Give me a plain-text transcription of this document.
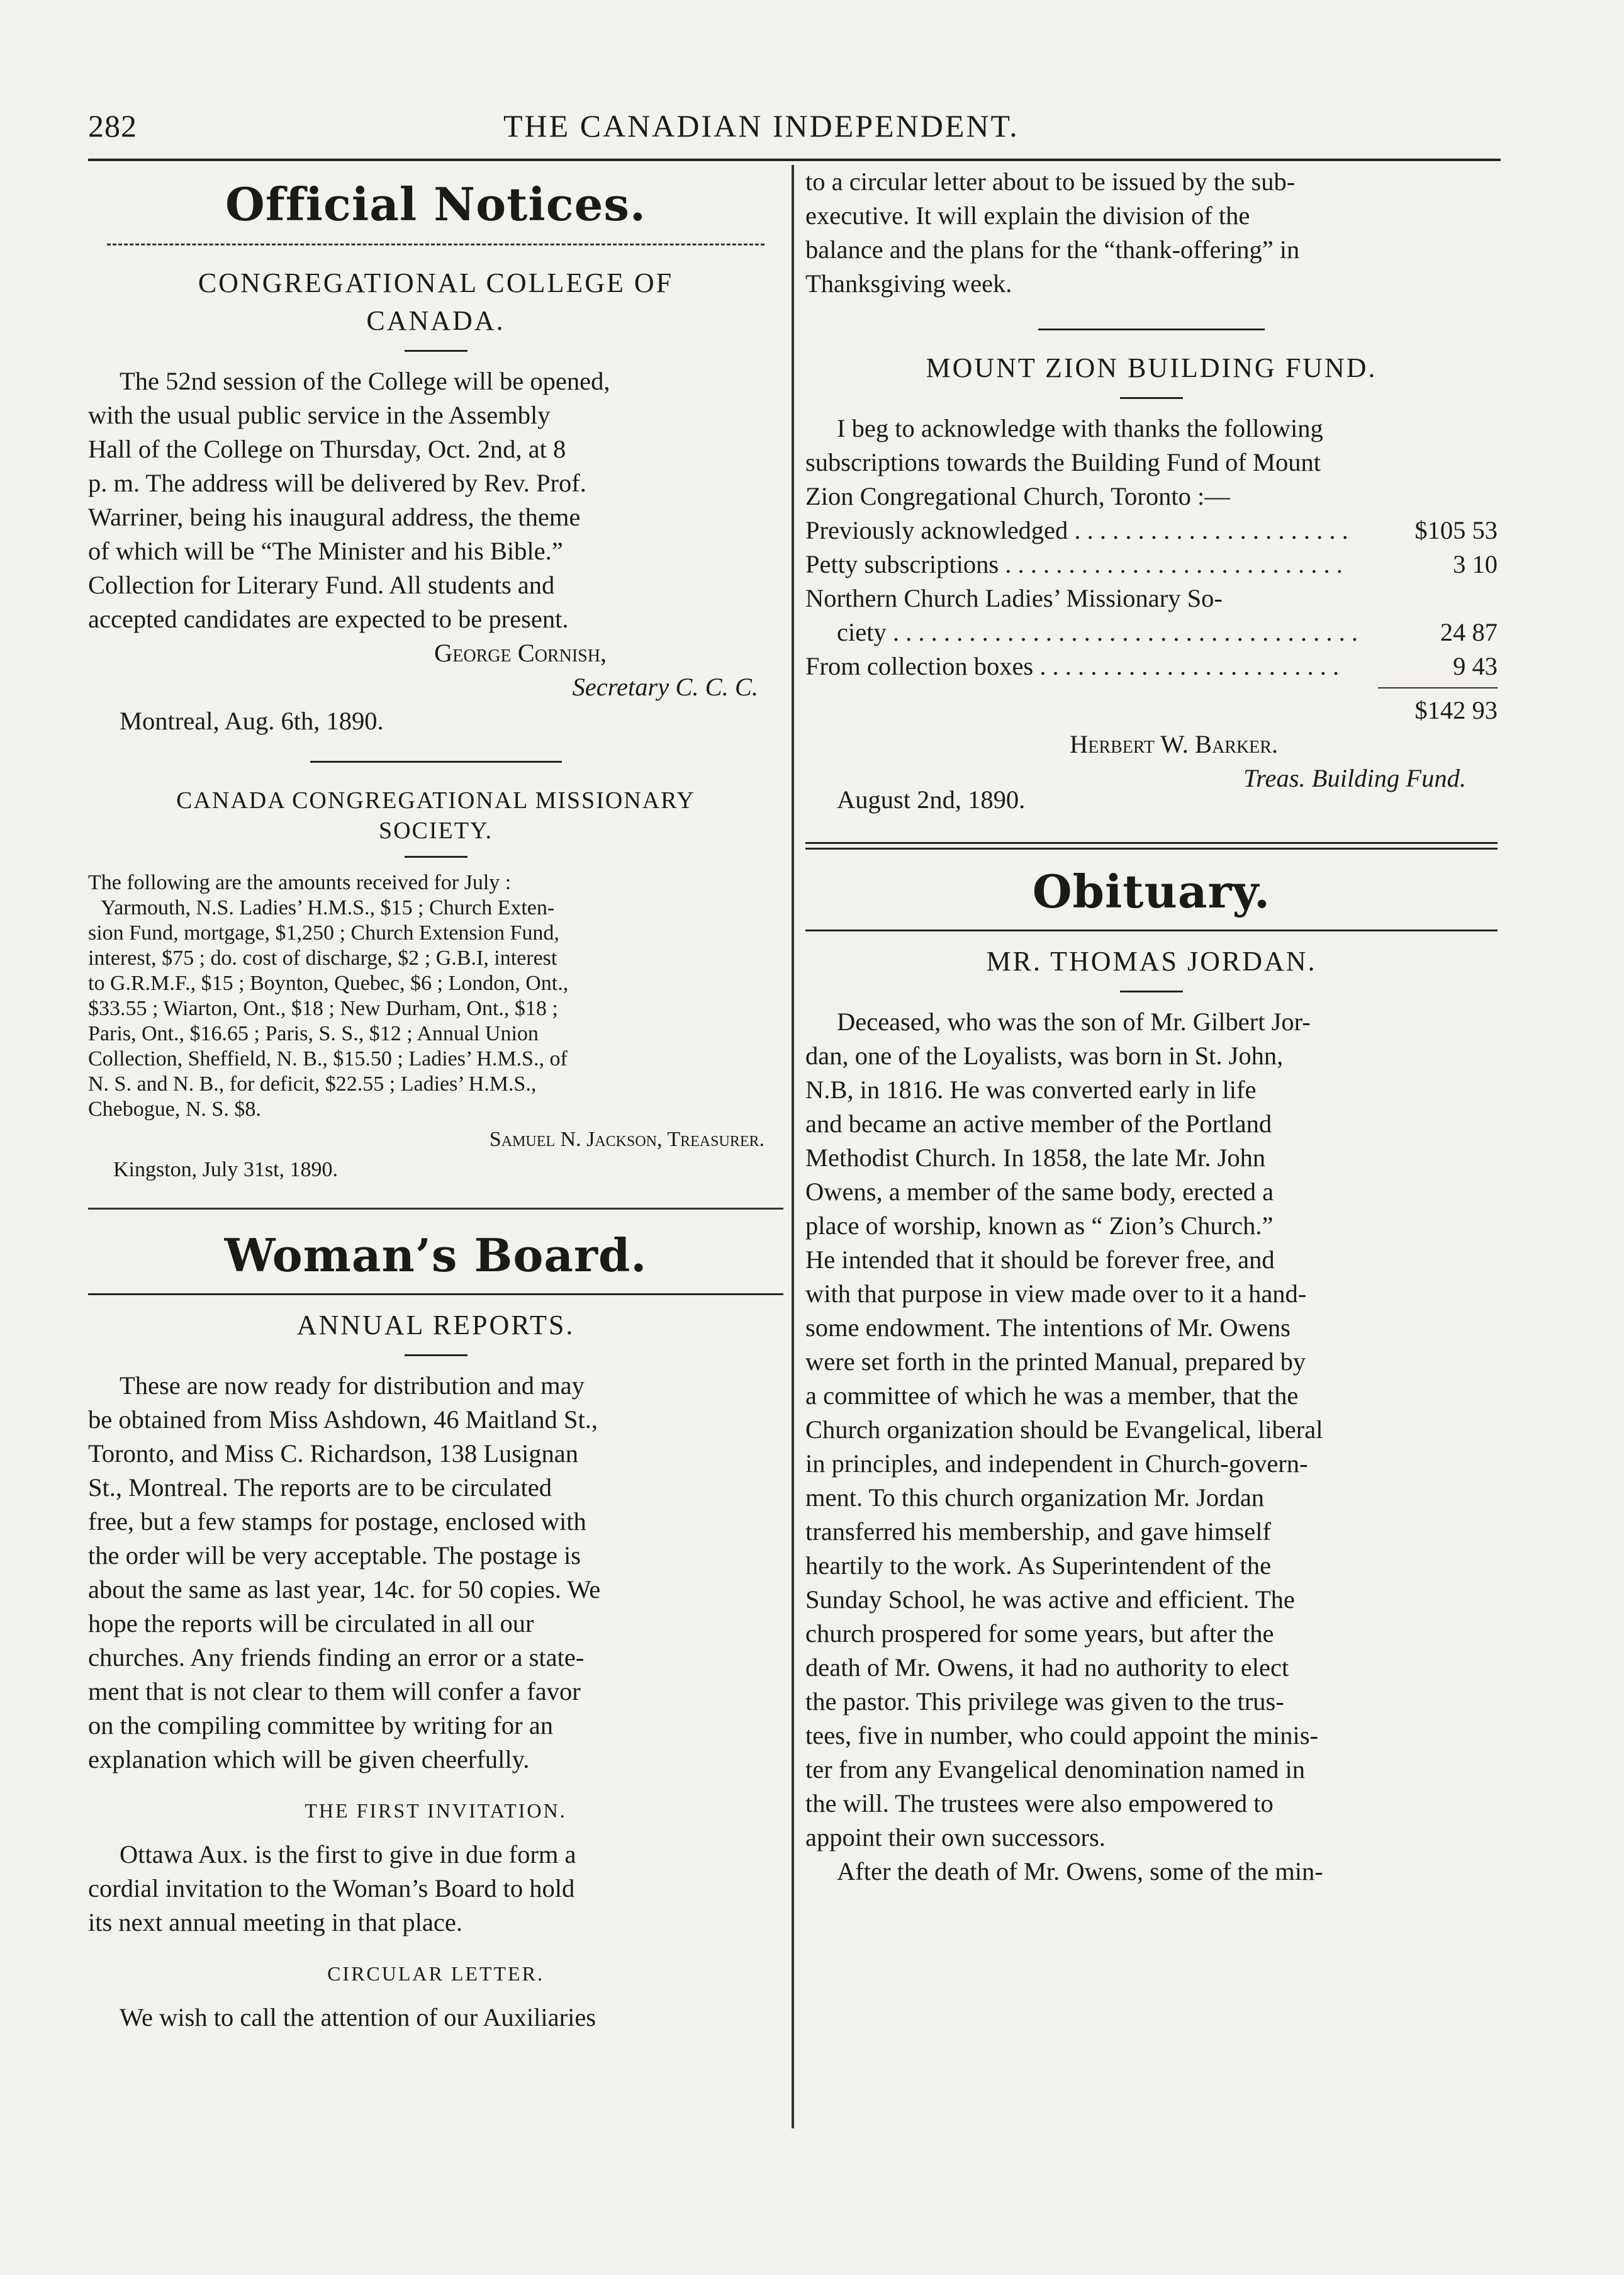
282	THE CANADIAN INDEPENDENT.
Official Notices.
CONGREGATIONAL COLLEGE OF
CANADA.

The 52nd session of the College will be opened,

with the usual public service in the Assembly

Hall of the College on Thursday, Oct. 2nd, at 8

p. m. The address will be delivered by Rev. Prof.

Warriner, being his inaugural address, the theme

of which will be “The Minister and his Bible.”

Collection for Literary Fund. All students and

accepted candidates are expected to be present.

George Cornish,

Secretary C. C. C.

Montreal, Aug. 6th, 1890.

CANADA CONGREGATIONAL MISSIONARY
SOCIETY.

The following are the amounts received for July :

Yarmouth, N.S. Ladies’ H.M.S., $15 ; Church Exten-

sion Fund, mortgage, $1,250 ; Church Extension Fund,

interest, $75 ; do. cost of discharge, $2 ; G.B.I, interest

to G.R.M.F., $15 ; Boynton, Quebec, $6 ; London, Ont.,

$33.55 ; Wiarton, Ont., $18 ; New Durham, Ont., $18 ;

Paris, Ont., $16.65 ; Paris, S. S., $12 ; Annual Union

Collection, Sheffield, N. B., $15.50 ; Ladies’ H.M.S., of

N. S. and N. B., for deficit, $22.55 ; Ladies’ H.M.S.,

Chebogue, N. S. $8.

Samuel N. Jackson, Treasurer.

Kingston, July 31st, 1890.

Woman’s Board.
ANNUAL REPORTS.

These are now ready for distribution and may

be obtained from Miss Ashdown, 46 Maitland St.,

Toronto, and Miss C. Richardson, 138 Lusignan

St., Montreal. The reports are to be circulated

free, but a few stamps for postage, enclosed with

the order will be very acceptable. The postage is

about the same as last year, 14c. for 50 copies. We

hope the reports will be circulated in all our

churches. Any friends finding an error or a state-

ment that is not clear to them will confer a favor

on the compiling committee by writing for an

explanation which will be given cheerfully.

THE FIRST INVITATION.

Ottawa Aux. is the first to give in due form a

cordial invitation to the Woman’s Board to hold

its next annual meeting in that place.

CIRCULAR LETTER.

We wish to call the attention of our Auxiliaries

to a circular letter about to be issued by the sub-

executive. It will explain the division of the

balance and the plans for the “thank-offering” in

Thanksgiving week.

MOUNT ZION BUILDING FUND.

I beg to acknowledge with thanks the following

subscriptions towards the Building Fund of Mount

Zion Congregational Church, Toronto :—

Previously acknowledged . . . . . . . . . . . . . . . . . . . . . .	$105 53
Petty subscriptions . . . . . . . . . . . . . . . . . . . . . . . . . . .	3 10
Northern Church Ladies’ Missionary So-
ciety . . . . . . . . . . . . . . . . . . . . . . . . . . . . . . . . . . . . .	24 87
From collection boxes . . . . . . . . . . . . . . . . . . . . . . . .	9 43
$142 93

Herbert W. Barker.

Treas. Building Fund.

August 2nd, 1890.

Obituary.
MR. THOMAS JORDAN.

Deceased, who was the son of Mr. Gilbert Jor-

dan, one of the Loyalists, was born in St. John,

N.B, in 1816. He was converted early in life

and became an active member of the Portland

Methodist Church. In 1858, the late Mr. John

Owens, a member of the same body, erected a

place of worship, known as “ Zion’s Church.”

He intended that it should be forever free, and

with that purpose in view made over to it a hand-

some endowment. The intentions of Mr. Owens

were set forth in the printed Manual, prepared by

a committee of which he was a member, that the

Church organization should be Evangelical, liberal

in principles, and independent in Church-govern-

ment. To this church organization Mr. Jordan

transferred his membership, and gave himself

heartily to the work. As Superintendent of the

Sunday School, he was active and efficient. The

church prospered for some years, but after the

death of Mr. Owens, it had no authority to elect

the pastor. This privilege was given to the trus-

tees, five in number, who could appoint the minis-

ter from any Evangelical denomination named in

the will. The trustees were also empowered to

appoint their own successors.

After the death of Mr. Owens, some of the min-
